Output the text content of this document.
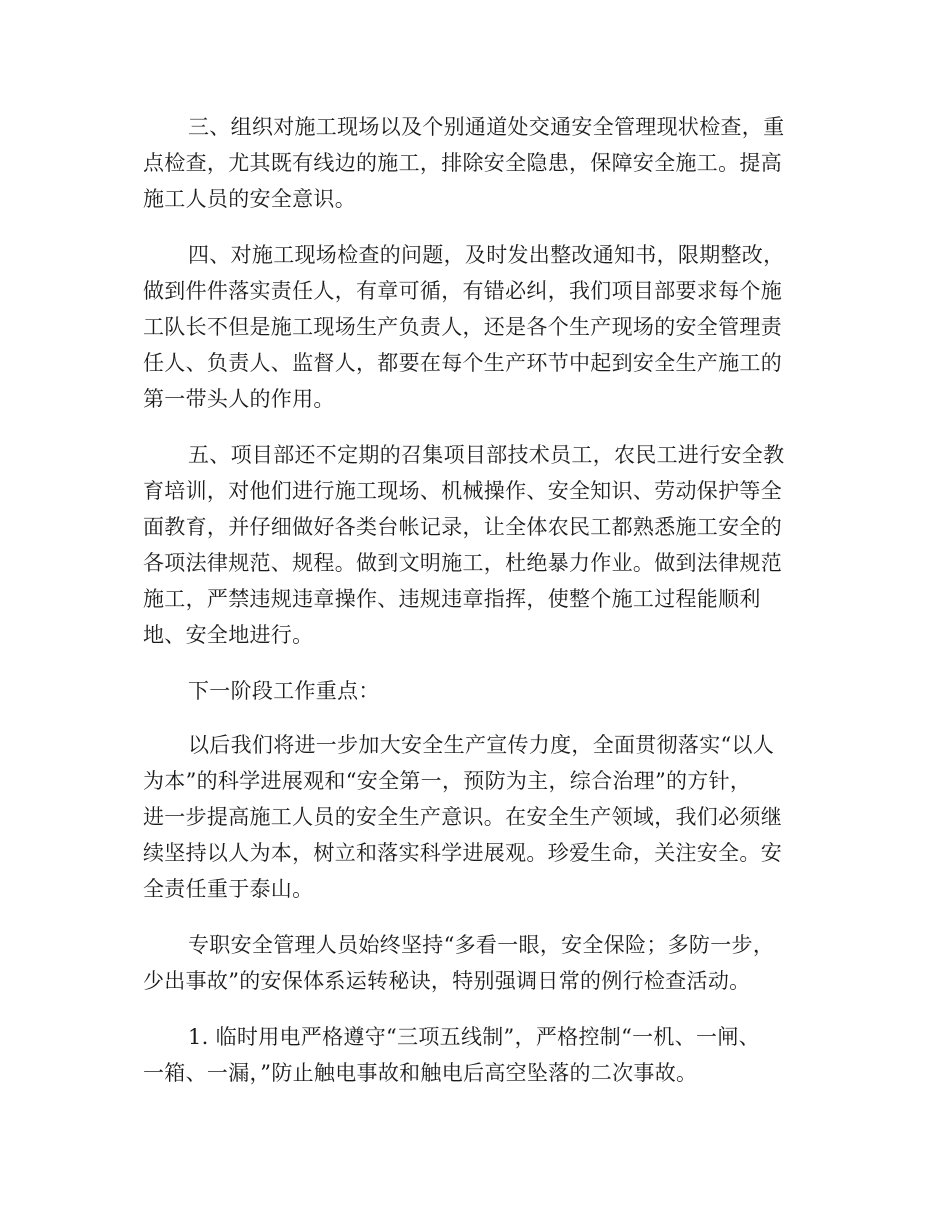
三、组织对施工现场以及个别通道处交通安全管理现状检查，重

点检查，尤其既有线边的施工，排除安全隐患，保障安全施工。提高

施工人员的安全意识。

四、对施工现场检查的问题，及时发出整改通知书，限期整改，

做到件件落实责任人，有章可循，有错必纠，我们项目部要求每个施

工队长不但是施工现场生产负责人，还是各个生产现场的安全管理责

任人、负责人、监督人，都要在每个生产环节中起到安全生产施工的

第一带头人的作用。

五、项目部还不定期的召集项目部技术员工，农民工进行安全教

育培训，对他们进行施工现场、机械操作、安全知识、劳动保护等全

面教育，并仔细做好各类台帐记录，让全体农民工都熟悉施工安全的

各项法律规范、规程。做到文明施工，杜绝暴力作业。做到法律规范

施工，严禁违规违章操作、违规违章指挥，使整个施工过程能顺利

地、安全地进行。

下一阶段工作重点：

以后我们将进一步加大安全生产宣传力度，全面贯彻落实“以人

为本”的科学进展观和“安全第一，预防为主，综合治理”的方针，

进一步提高施工人员的安全生产意识。在安全生产领域，我们必须继

续坚持以人为本，树立和落实科学进展观。珍爱生命，关注安全。安

全责任重于泰山。

专职安全管理人员始终坚持“多看一眼，安全保险；多防一步，

少出事故”的安保体系运转秘诀，特别强调日常的例行检查活动。

1. 临时用电严格遵守“三项五线制”，严格控制“一机、一闸、

一箱、一漏，”防止触电事故和触电后高空坠落的二次事故。
